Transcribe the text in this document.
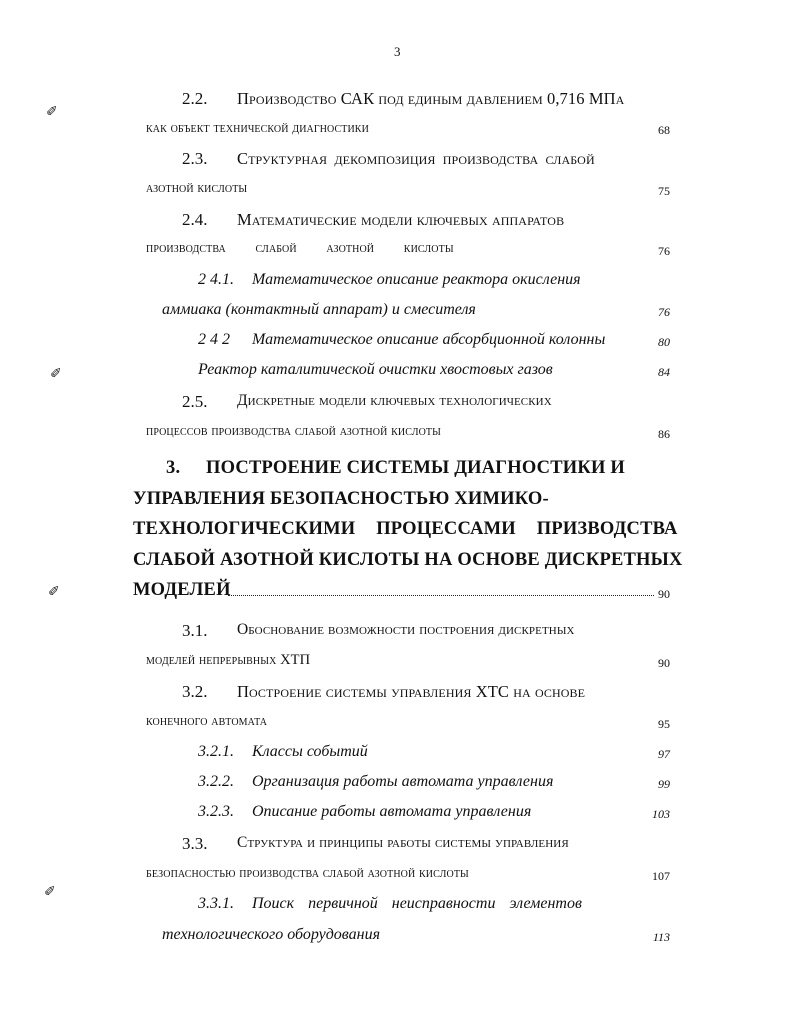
3
✐
✐
✐
✐
2.2. Производство САК под единым давлением 0,716 МПа
как объект технической диагностики	68
2.3. Структурная декомпозиция производства слабой
азотной кислоты	75
2.4. Математические модели ключевых аппаратов
производства слабой азотной кислоты	76
2 4.1. Математическое описание реактора окисления
аммиака (контактный аппарат) и смесителя	76
2 4 2 Математическое описание абсорбционной колонны	80
Реактор каталитической очистки хвостовых газов	84
2.5. Дискретные модели ключевых технологических
процессов производства слабой азотной кислоты	86
3. ПОСТРОЕНИЕ СИСТЕМЫ ДИАГНОСТИКИ И
УПРАВЛЕНИЯ БЕЗОПАСНОСТЬЮ ХИМИКО-
ТЕХНОЛОГИЧЕСКИМИ ПРОЦЕССАМИ ПРИЗВОДСТВА
СЛАБОЙ АЗОТНОЙ КИСЛОТЫ НА ОСНОВЕ ДИСКРЕТНЫХ
МОДЕЛЕЙ	90
3.1. Обоснование возможности построения дискретных
моделей непрерывных ХТП	90
3.2. Построение системы управления ХТС на основе
конечного автомата	95
3.2.1. Классы событий	97
3.2.2. Организация работы автомата управления	99
3.2.3. Описание работы автомата управления	103
3.3. Структура и принципы работы системы управления
безопасностью производства слабой азотной кислоты	107
3.3.1. Поиск первичной неисправности элементов
технологического оборудования	113
